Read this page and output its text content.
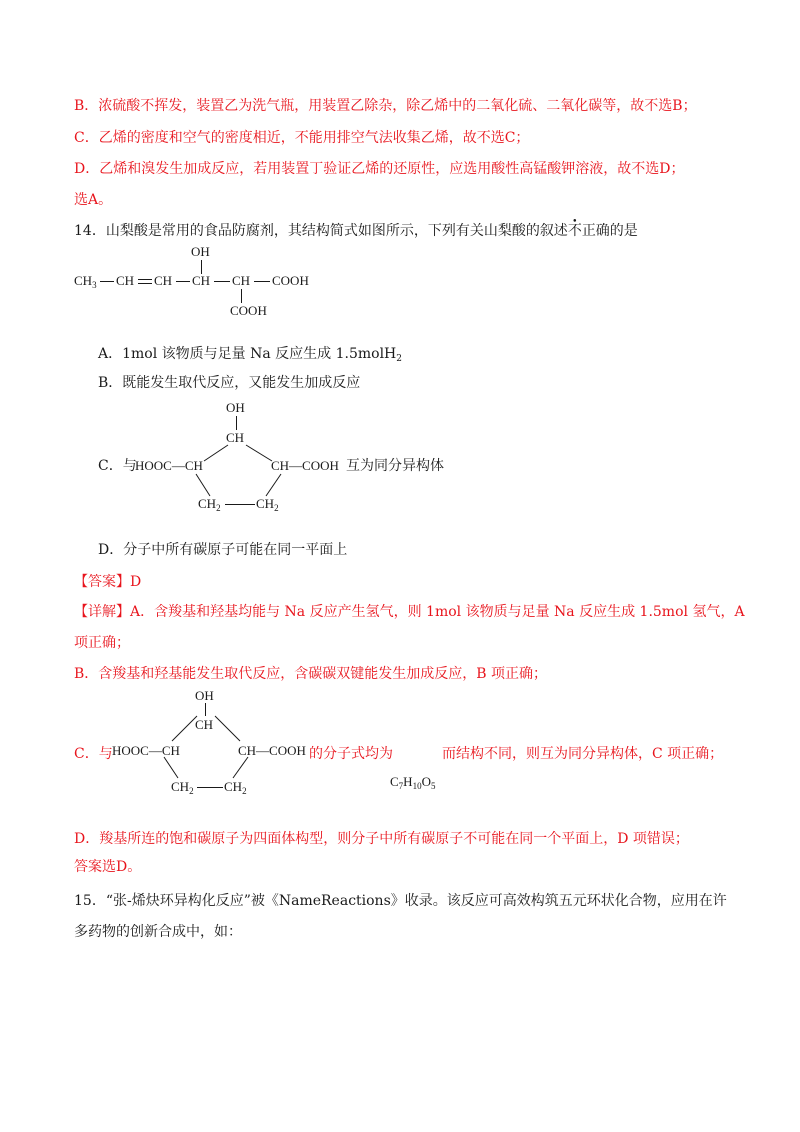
B．浓硫酸不挥发，装置乙为洗气瓶，用装置乙除杂，除乙烯中的二氧化硫、二氧化碳等，故不选B；
C．乙烯的密度和空气的密度相近，不能用排空气法收集乙烯，故不选C；
D．乙烯和溴发生加成反应，若用装置丁验证乙烯的还原性，应选用酸性高锰酸钾溶液，故不选D；
选A。
14．山梨酸是常用的食品防腐剂，其结构简式如图所示，下列有关山梨酸的叙述不正确的是
OH
$CH_3$ CH CH CH CH COOH
COOH
A．1mol 该物质与足量 Na 反应生成 1.5molH$_2$
B．既能发生取代反应，又能发生加成反应
C．与
OH
CH
HOOC—CH	CH—COOH
$CH_2$	$CH_2$
互为同分异构体
D．分子中所有碳原子可能在同一平面上
【答案】D
【详解】A．含羧基和羟基均能与 Na 反应产生氢气，则 1mol 该物质与足量 Na 反应生成 1.5mol 氢气，A
项正确；
B．含羧基和羟基能发生取代反应，含碳碳双键能发生加成反应，B 项正确；
C．与
OH
CH
HOOC—CH	CH—COOH
$CH_2$ $CH_2$
的分子式均为
$C_7H_{10}O_5$
而结构不同，则互为同分异构体，C 项正确；
D．羧基所连的饱和碳原子为四面体构型，则分子中所有碳原子不可能在同一个平面上，D 项错误；
答案选D。
15．“张-烯炔环异构化反应”被《NameReactions》收录。该反应可高效构筑五元环状化合物，应用在许
多药物的创新合成中，如：
